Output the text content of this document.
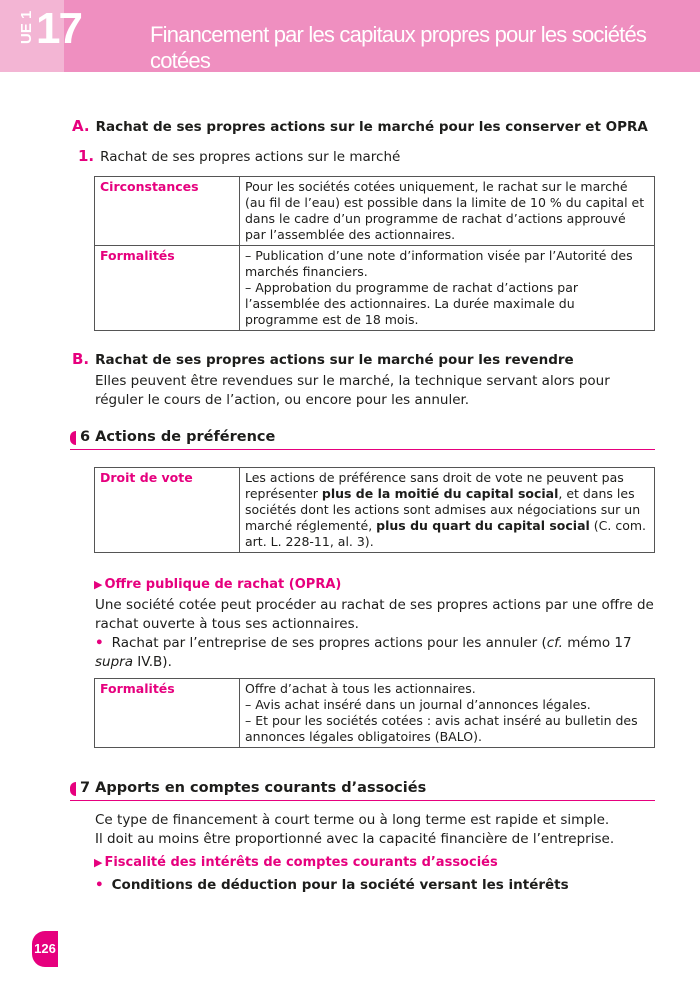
UE 1 17	Financement par les capitaux propres pour les sociétés cotées
A. Rachat de ses propres actions sur le marché pour les conserver et OPRA
1. Rachat de ses propres actions sur le marché
Circonstances	Pour les sociétés cotées uniquement, le rachat sur le marché (au fil de l’eau) est possible dans la limite de 10 % du capital et dans le cadre d’un programme de rachat d’actions approuvé par l’assemblée des actionnaires.
Formalités	– Publication d’une note d’information visée par l’Autorité des marchés financiers.
– Approbation du programme de rachat d’actions par l’assemblée des actionnaires. La durée maximale du programme est de 18 mois.
B. Rachat de ses propres actions sur le marché pour les revendre
Elles peuvent être revendues sur le marché, la technique servant alors pour réguler le cours de l’action, ou encore pour les annuler.
6 Actions de préférence
Droit de vote	Les actions de préférence sans droit de vote ne peuvent pas représenter plus de la moitié du capital social, et dans les sociétés dont les actions sont admises aux négociations sur un marché réglementé, plus du quart du capital social (C. com. art. L. 228-11, al. 3).
▶ Offre publique de rachat (OPRA)
Une société cotée peut procéder au rachat de ses propres actions par une offre de rachat ouverte à tous ses actionnaires.
• Rachat par l’entreprise de ses propres actions pour les annuler (cf. mémo 17 supra IV.B).
Formalités	Offre d’achat à tous les actionnaires.
– Avis achat inséré dans un journal d’annonces légales.
– Et pour les sociétés cotées : avis achat inséré au bulletin des annonces légales obligatoires (BALO).
7 Apports en comptes courants d’associés
Ce type de financement à court terme ou à long terme est rapide et simple.
Il doit au moins être proportionné avec la capacité financière de l’entreprise.
▶ Fiscalité des intérêts de comptes courants d’associés
• Conditions de déduction pour la société versant les intérêts
126
